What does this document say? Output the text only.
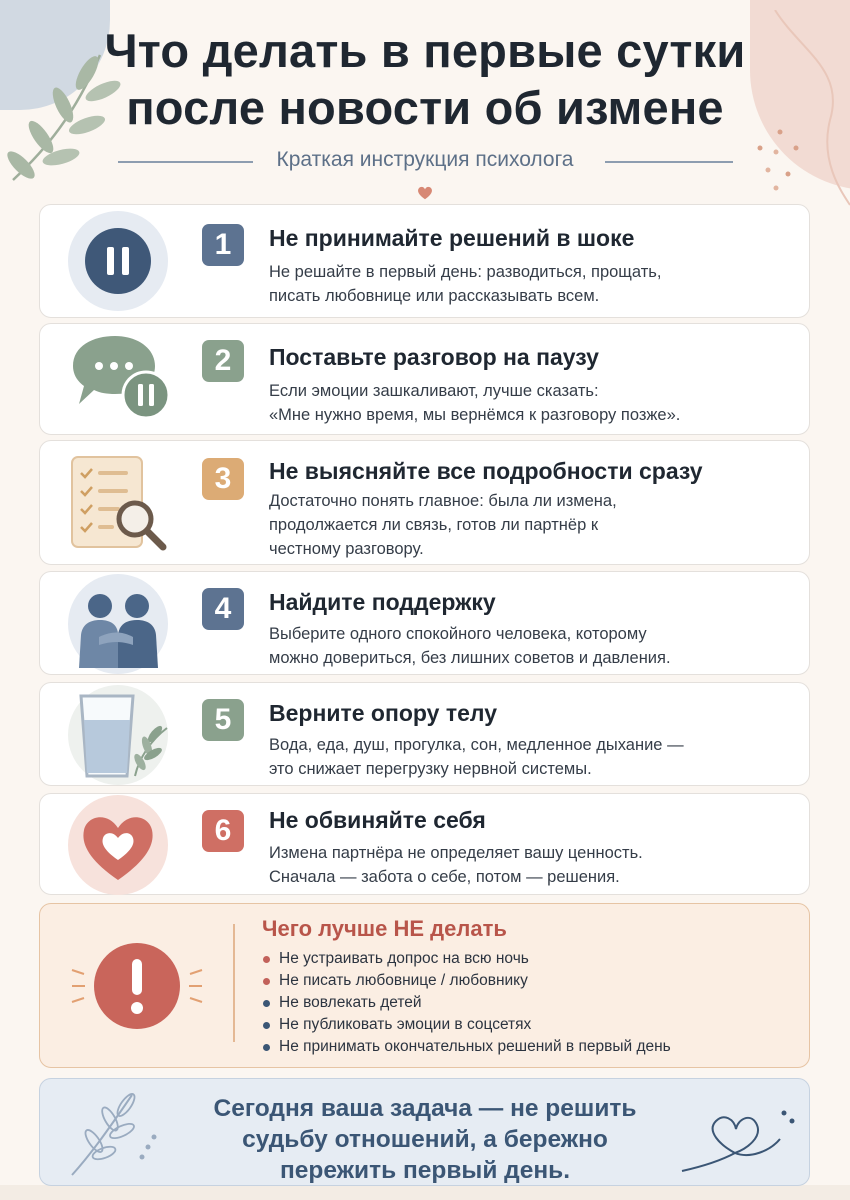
Что делать в первые сутки
после новости об измене
Краткая инструкция психолога
1	Не принимайте решений в шоке
Не решайте в первый день: разводиться, прощать,
писать любовнице или рассказывать всем.
2	Поставьте разговор на паузу
Если эмоции зашкаливают, лучше сказать:
«Мне нужно время, мы вернёмся к разговору позже».
3	Не выясняйте все подробности сразу
Достаточно понять главное: была ли измена,
продолжается ли связь, готов ли партнёр к
честному разговору.
4	Найдите поддержку
Выберите одного спокойного человека, которому
можно довериться, без лишних советов и давления.
5	Верните опору телу
Вода, еда, душ, прогулка, сон, медленное дыхание —
это снижает перегрузку нервной системы.
6	Не обвиняйте себя
Измена партнёра не определяет вашу ценность.
Сначала — забота о себе, потом — решения.
Чего лучше НЕ делать
Не устраивать допрос на всю ночь
Не писать любовнице / любовнику
Не вовлекать детей
Не публиковать эмоции в соцсетях
Не принимать окончательных решений в первый день
Сегодня ваша задача — не решить
судьбу отношений, а бережно
пережить первый день.
